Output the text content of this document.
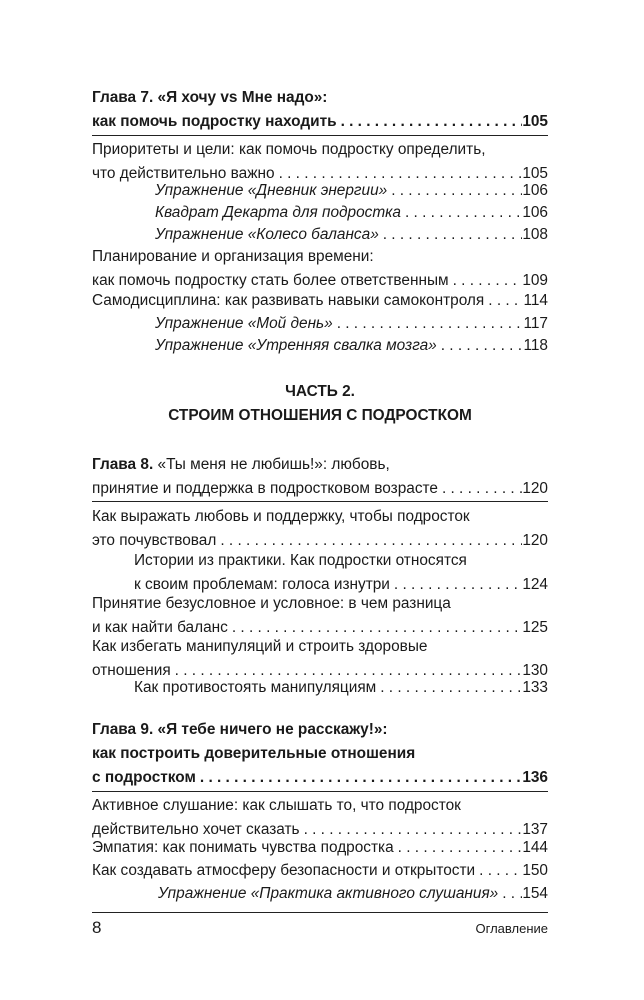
Глава 7. «Я хочу vs Мне надо»:
как помочь подростку находить . . .	105
Приоритеты и цели: как помочь подростку определить,
что действительно важно . . .	105
Упражнение «Дневник энергии» . . .	106
Квадрат Декарта для подростка . . .	106
Упражнение «Колесо баланса» . . .	108
Планирование и организация времени:
как помочь подростку стать более ответственным . . .	109
Самодисциплина: как развивать навыки самоконтроля . . .	114
Упражнение «Мой день» . . .	117
Упражнение «Утренняя свалка мозга» . . .	118
ЧАСТЬ 2.
СТРОИМ ОТНОШЕНИЯ С ПОДРОСТКОМ
Глава 8. «Ты меня не любишь!»: любовь,
принятие и поддержка в подростковом возрасте . . .	120
Как выражать любовь и поддержку, чтобы подросток
это почувствовал . . .	120
Истории из практики. Как подростки относятся
к своим проблемам: голоса изнутри . . .	124
Принятие безусловное и условное: в чем разница
и как найти баланс . . .	125
Как избегать манипуляций и строить здоровые
отношения . . .	130
Как противостоять манипуляциям . . .	133
Глава 9. «Я тебе ничего не расскажу!»:
как построить доверительные отношения
с подростком . . .	136
Активное слушание: как слышать то, что подросток
действительно хочет сказать . . .	137
Эмпатия: как понимать чувства подростка . . .	144
Как создавать атмосферу безопасности и открытости . . .	150
Упражнение «Практика активного слушания» . . . 154
8	Оглавление
